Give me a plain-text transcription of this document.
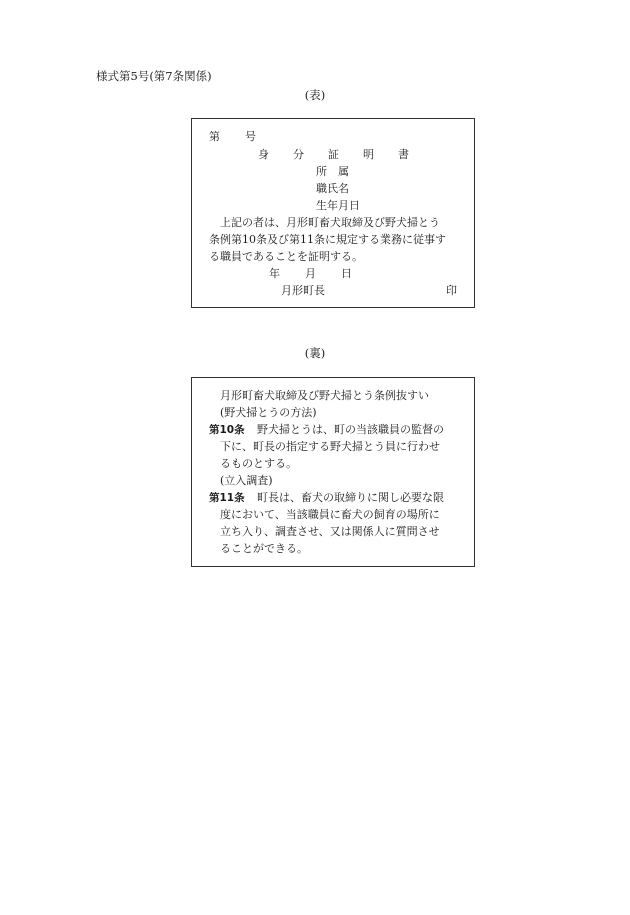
様式第5号(第7条関係)
(表)
第 号
身 分 証 明 書
所　属
職氏名
生年月日
上記の者は、月形町畜犬取締及び野犬掃とう
条例第10条及び第11条に規定する業務に従事す
る職員であることを証明する。
年 月 日
月形町長	印
(裏)
月形町畜犬取締及び野犬掃とう条例抜すい
(野犬掃とうの方法)
第10条 野犬掃とうは、町の当該職員の監督の
下に、町長の指定する野犬掃とう員に行わせ
るものとする。
(立入調査)
第11条 町長は、畜犬の取締りに関し必要な限
度において、当該職員に畜犬の飼育の場所に
立ち入り、調査させ、又は関係人に質問させ
ることができる。
